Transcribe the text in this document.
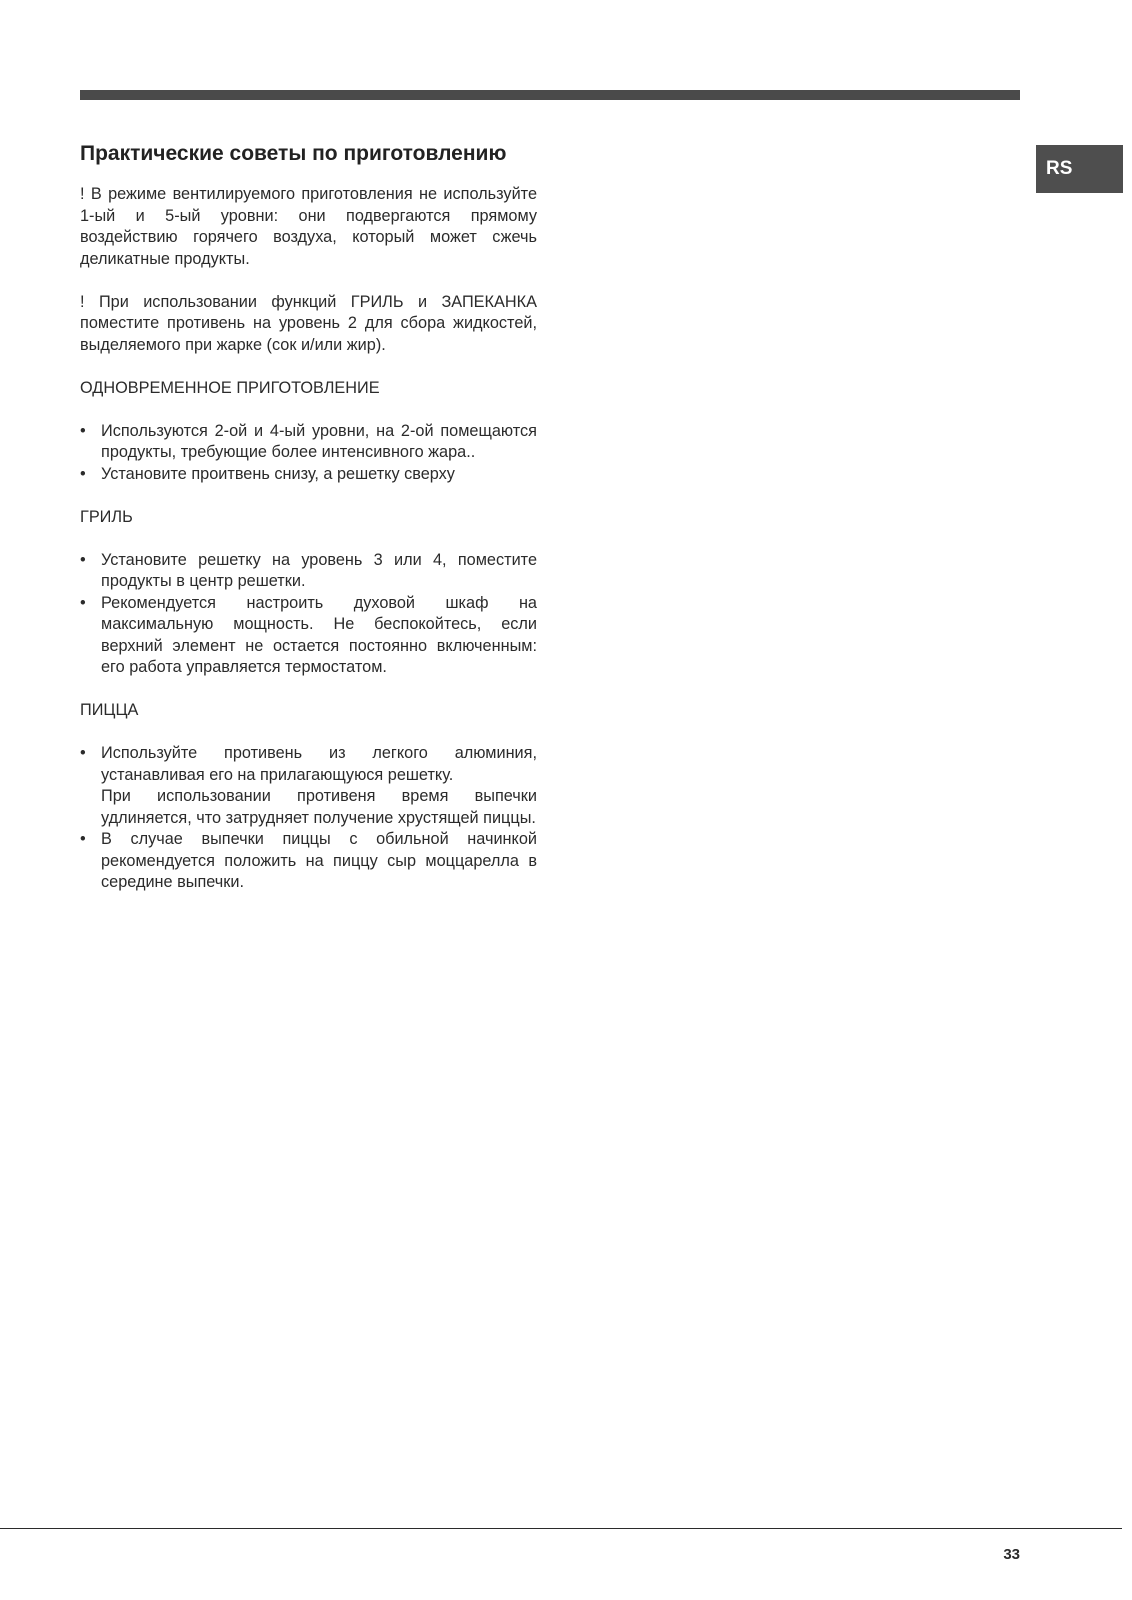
RS
Практические советы по приготовлению

! В режиме вентилируемого приготовления не используйте 1-ый и 5-ый уровни: они подвергаются прямому воздействию горячего воздуха, который может сжечь деликатные продукты.

! При использовании функций ГРИЛЬ и ЗАПЕКАНКА поместите противень на уровень 2 для сбора жидкостей, выделяемого при жарке (сок и/или жир).

ОДНОВРЕМЕННОЕ ПРИГОТОВЛЕНИЕ
• Используются 2-ой и 4-ый уровни, на 2-ой помещаются продукты, требующие более интенсивного жара..
• Установите проитвень снизу, а решетку сверху
ГРИЛЬ
• Установите решетку на уровень 3 или 4, поместите продукты в центр решетки.
• Рекомендуется настроить духовой шкаф на максимальную мощность. Не беспокойтесь, если верхний элемент не остается постоянно включенным: его работа управляется термостатом.
ПИЦЦА
• Используйте противень из легкого алюминия, устанавливая его на прилагающуюся решетку.
При использовании противеня время выпечки удлиняется, что затрудняет получение хрустящей пиццы.
• В случае выпечки пиццы с обильной начинкой рекомендуется положить на пиццу сыр моццарелла в середине выпечки.
33
